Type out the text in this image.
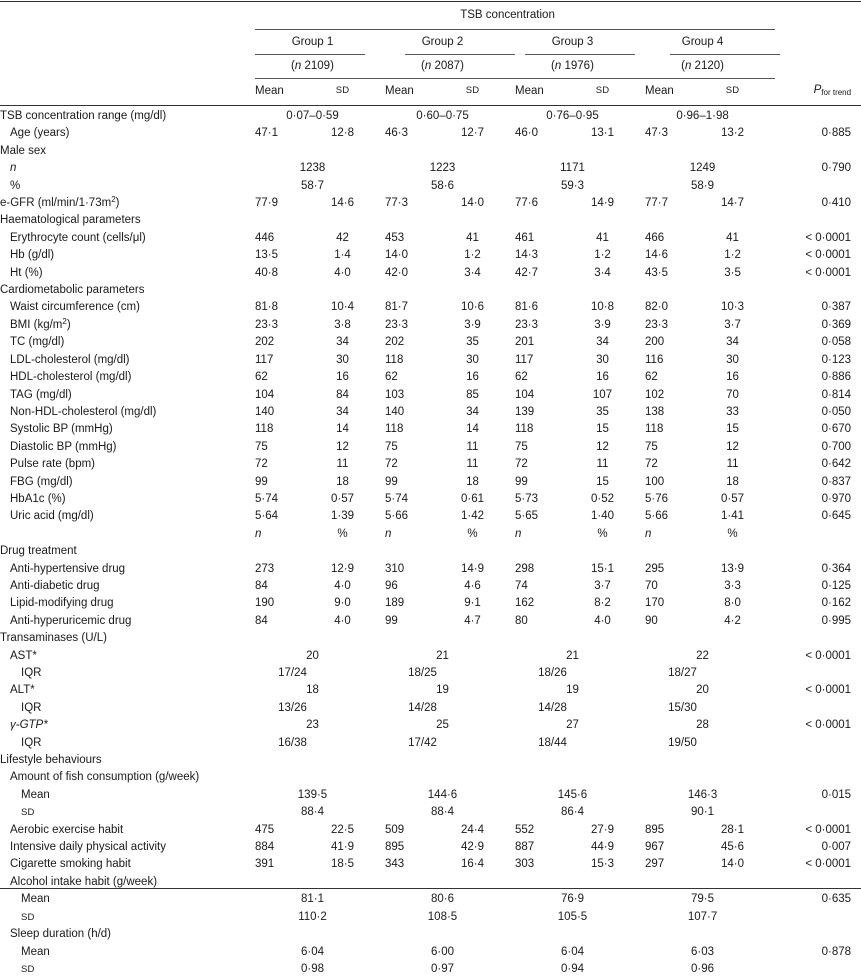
	TSB concentration											
	Group 1			Group 2			Group 3			Group 4		
	(n 2109)			(n 2087)			(n 1976)			(n 2120)		
	Mean	SD		Mean	SD		Mean	SD		Mean	SD	$P_{for trend}$

TSB concentration range (mg/dl)	0·07–0·59			0·60–0·75			0·76–0·95			0·96–1·98		
Age (years)	47·1	12·8		46·3	12·7		46·0	13·1		47·3	13·2	0·885
Male sex												
n	1238			1223			1171			1249		0·790
%	58·7			58·6			59·3			58·9		
e-GFR $(ml/\min/1\cdot 73m^2)$	77·9	14·6		77·3	14·0		77·6	14·9		77·7	14·7	0·410
Haematological parameters												
Erythrocyte count (cells/μl)	446	42		453	41		461	41		466	41	< 0·0001
Hb (g/dl)	13·5	1·4		14·0	1·2		14·3	1·2		14·6	1·2	< 0·0001
Ht (%)	40·8	4·0		42·0	3·4		42·7	3·4		43·5	3·5	< 0·0001
Cardiometabolic parameters												
Waist circumference (cm)	81·8	10·4		81·7	10·6		81·6	10·8		82·0	10·3	0·387
BMI $(kg/m^2)$	23·3	3·8		23·3	3·9		23·3	3·9		23·3	3·7	0·369
TC (mg/dl)	202	34		202	35		201	34		200	34	0·058
LDL-cholesterol (mg/dl)	117	30		118	30		117	30		116	30	0·123
HDL-cholesterol (mg/dl)	62	16		62	16		62	16		62	16	0·886
TAG (mg/dl)	104	84		103	85		104	107		102	70	0·814
Non-HDL-cholesterol (mg/dl)	140	34		140	34		139	35		138	33	0·050
Systolic BP (mmHg)	118	14		118	14		118	15		118	15	0·670
Diastolic BP (mmHg)	75	12		75	11		75	12		75	12	0·700
Pulse rate (bpm)	72	11		72	11		72	11		72	11	0·642
FBG (mg/dl)	99	18		99	18		99	15		100	18	0·837
HbA1c (%)	5·74	0·57		5·74	0·61		5·73	0·52		5·76	0·57	0·970
Uric acid (mg/dl)	5·64	1·39		5·66	1·42		5·65	1·40		5·66	1·41	0·645
	n	%		n	%		n	%		n	%	
Drug treatment												
Anti-hypertensive drug	273	12·9		310	14·9		298	15·1		295	13·9	0·364
Anti-diabetic drug	84	4·0		96	4·6		74	3·7		70	3·3	0·125
Lipid-modifying drug	190	9·0		189	9·1		162	8·2		170	8·0	0·162
Anti-hyperuricemic drug	84	4·0		99	4·7		80	4·0		90	4·2	0·995
Transaminases (U/L)												
AST*	20			21			21			22		< 0·0001
IQR	17/24			18/25			18/26			18/27		
ALT*	18			19			19			20		< 0·0001
IQR	13/26			14/28			14/28			15/30		
γ-GTP*	23			25			27			28		< 0·0001
IQR	16/38			17/42			18/44			19/50		
Lifestyle behaviours												
Amount of fish consumption (g/week)												
Mean	139·5			144·6			145·6			146·3		0·015
SD	88·4			88·4			86·4			90·1		
Aerobic exercise habit	475	22·5		509	24·4		552	27·9		895	28·1	< 0·0001
Intensive daily physical activity	884	41·9		895	42·9		887	44·9		967	45·6	0·007
Cigarette smoking habit	391	18·5		343	16·4		303	15·3		297	14·0	< 0·0001
Alcohol intake habit (g/week)												
Mean	81·1			80·6			76·9			79·5		0·635
SD	110·2			108·5			105·5			107·7		
Sleep duration (h/d)												
Mean	6·04			6·00			6·04			6·03		0·878
SD	0·98			0·97			0·94			0·96		
